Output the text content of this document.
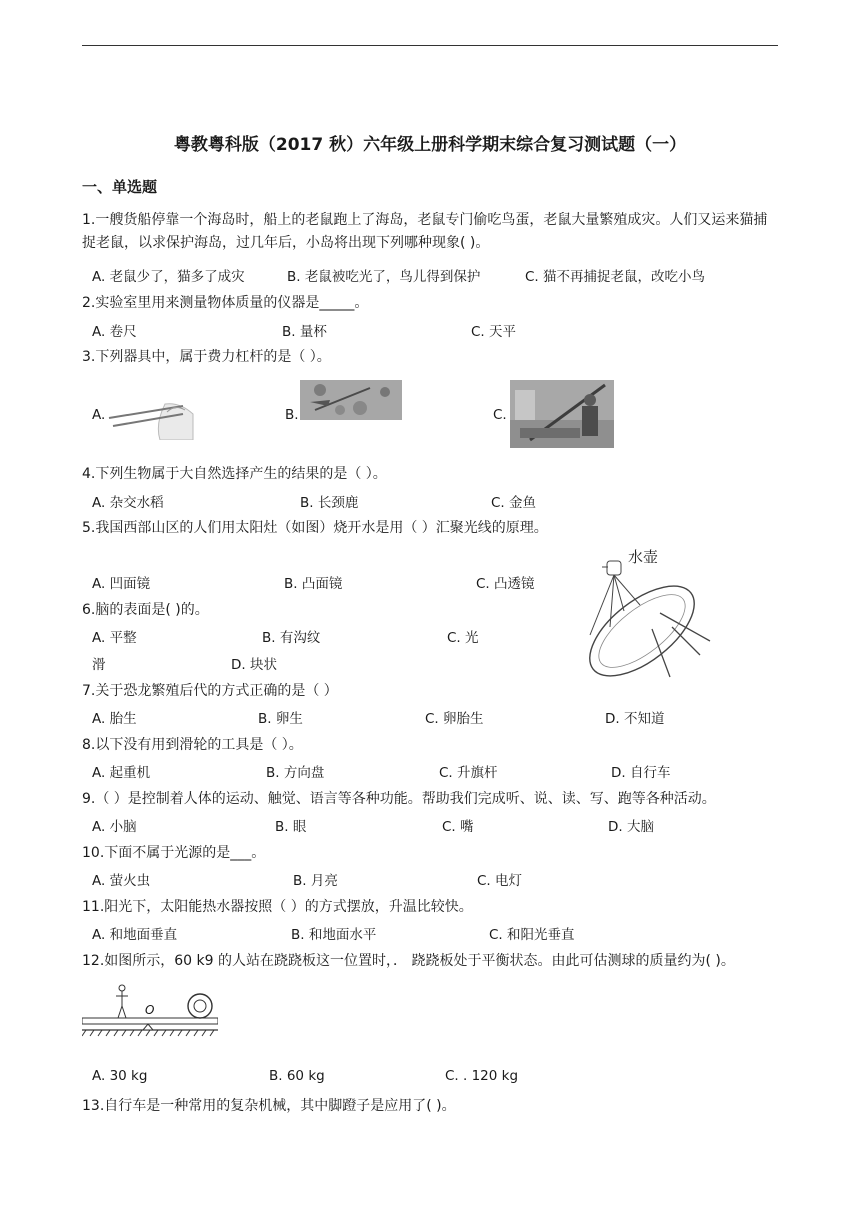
粤教粤科版（2017 秋）六年级上册科学期末综合复习测试题（一）
一、单选题
1.一艘货船停靠一个海岛时，船上的老鼠跑上了海岛，老鼠专门偷吃鸟蛋，老鼠大量繁殖成灾。人们又运来猫捕捉老鼠，以求保护海岛，过几年后，小岛将出现下列哪种现象( )。
A. 老鼠少了，猫多了成灾	B. 老鼠被吃光了，鸟儿得到保护	C. 猫不再捕捉老鼠，改吃小鸟
2.实验室里用来测量物体质量的仪器是_____。
A. 卷尺	B. 量杯	C. 天平
3.下列器具中，属于费力杠杆的是（ ）。
A.	B.	C.
4.下列生物属于大自然选择产生的结果的是（ ）。
A. 杂交水稻	B. 长颈鹿	C. 金鱼
5.我国西部山区的人们用太阳灶（如图）烧开水是用（ ）汇聚光线的原理。
A. 凹面镜	B. 凸面镜	C. 凸透镜
水壶
6.脑的表面是( )的。
A. 平整	B. 有沟纹	C. 光
滑	D. 块状
7.关于恐龙繁殖后代的方式正确的是（ ）
A. 胎生	B. 卵生	C. 卵胎生	D. 不知道
8.以下没有用到滑轮的工具是（ ）。
A. 起重机	B. 方向盘	C. 升旗杆	D. 自行车
9.（ ）是控制着人体的运动、触觉、语言等各种功能。帮助我们完成听、说、读、写、跑等各种活动。
A. 小脑	B. 眼	C. 嘴	D. 大脑
10.下面不属于光源的是___。
A. 萤火虫	B. 月亮	C. 电灯
11.阳光下，太阳能热水器按照（ ）的方式摆放，升温比较快。
A. 和地面垂直	B. 和地面水平	C. 和阳光垂直
12.如图所示，60 k9 的人站在跷跷板这一位置时，． 跷跷板处于平衡状态。由此可估测球的质量约为( )。
O
A. 30 kg	B. 60 kg	C. . 120 kg
13.自行车是一种常用的复杂机械，其中脚蹬子是应用了( )。
